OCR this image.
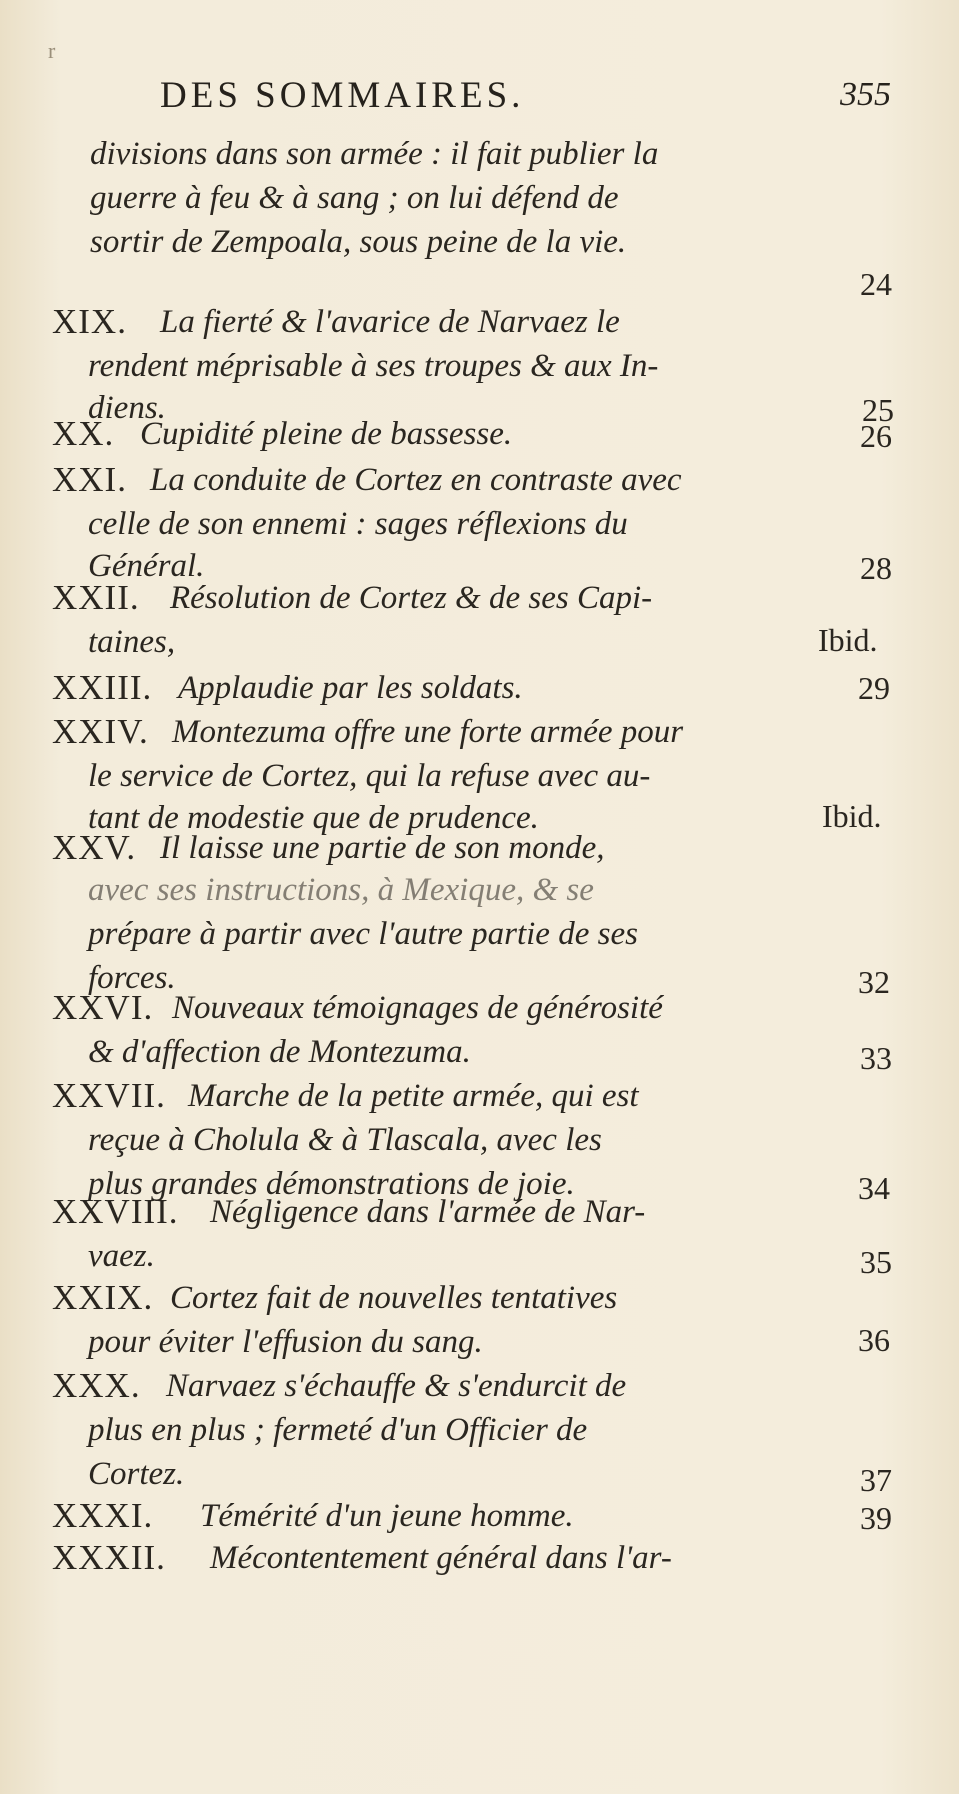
r
DES SOMMAIRES.	355
divisions dans son armée : il fait publier la
guerre à feu & à sang ; on lui défend de
sortir de Zempoala, sous peine de la vie.
24
XIX. La fierté & l'avarice de Narvaez le
rendent méprisable à ses troupes & aux In-
diens.	25
XX. Cupidité pleine de bassesse.	26
XXI. La conduite de Cortez en contraste avec
celle de son ennemi : sages réflexions du
Général.	28
XXII. Résolution de Cortez & de ses Capi-
taines,	Ibid.
XXIII. Applaudie par les soldats.	29
XXIV. Montezuma offre une forte armée pour
le service de Cortez, qui la refuse avec au-
tant de modestie que de prudence.	Ibid.
XXV. Il laisse une partie de son monde,
avec ses instructions, à Mexique, & se
prépare à partir avec l'autre partie de ses
forces.	32
XXVI. Nouveaux témoignages de générosité
& d'affection de Montezuma.	33
XXVII. Marche de la petite armée, qui est
reçue à Cholula & à Tlascala, avec les
plus grandes démonstrations de joie.	34
XXVIII. Négligence dans l'armée de Nar-
vaez.	35
XXIX. Cortez fait de nouvelles tentatives
pour éviter l'effusion du sang.	36
XXX. Narvaez s'échauffe & s'endurcit de
plus en plus ; fermeté d'un Officier de
Cortez.	37
XXXI. Témérité d'un jeune homme.	39
XXXII. Mécontentement général dans l'ar-
